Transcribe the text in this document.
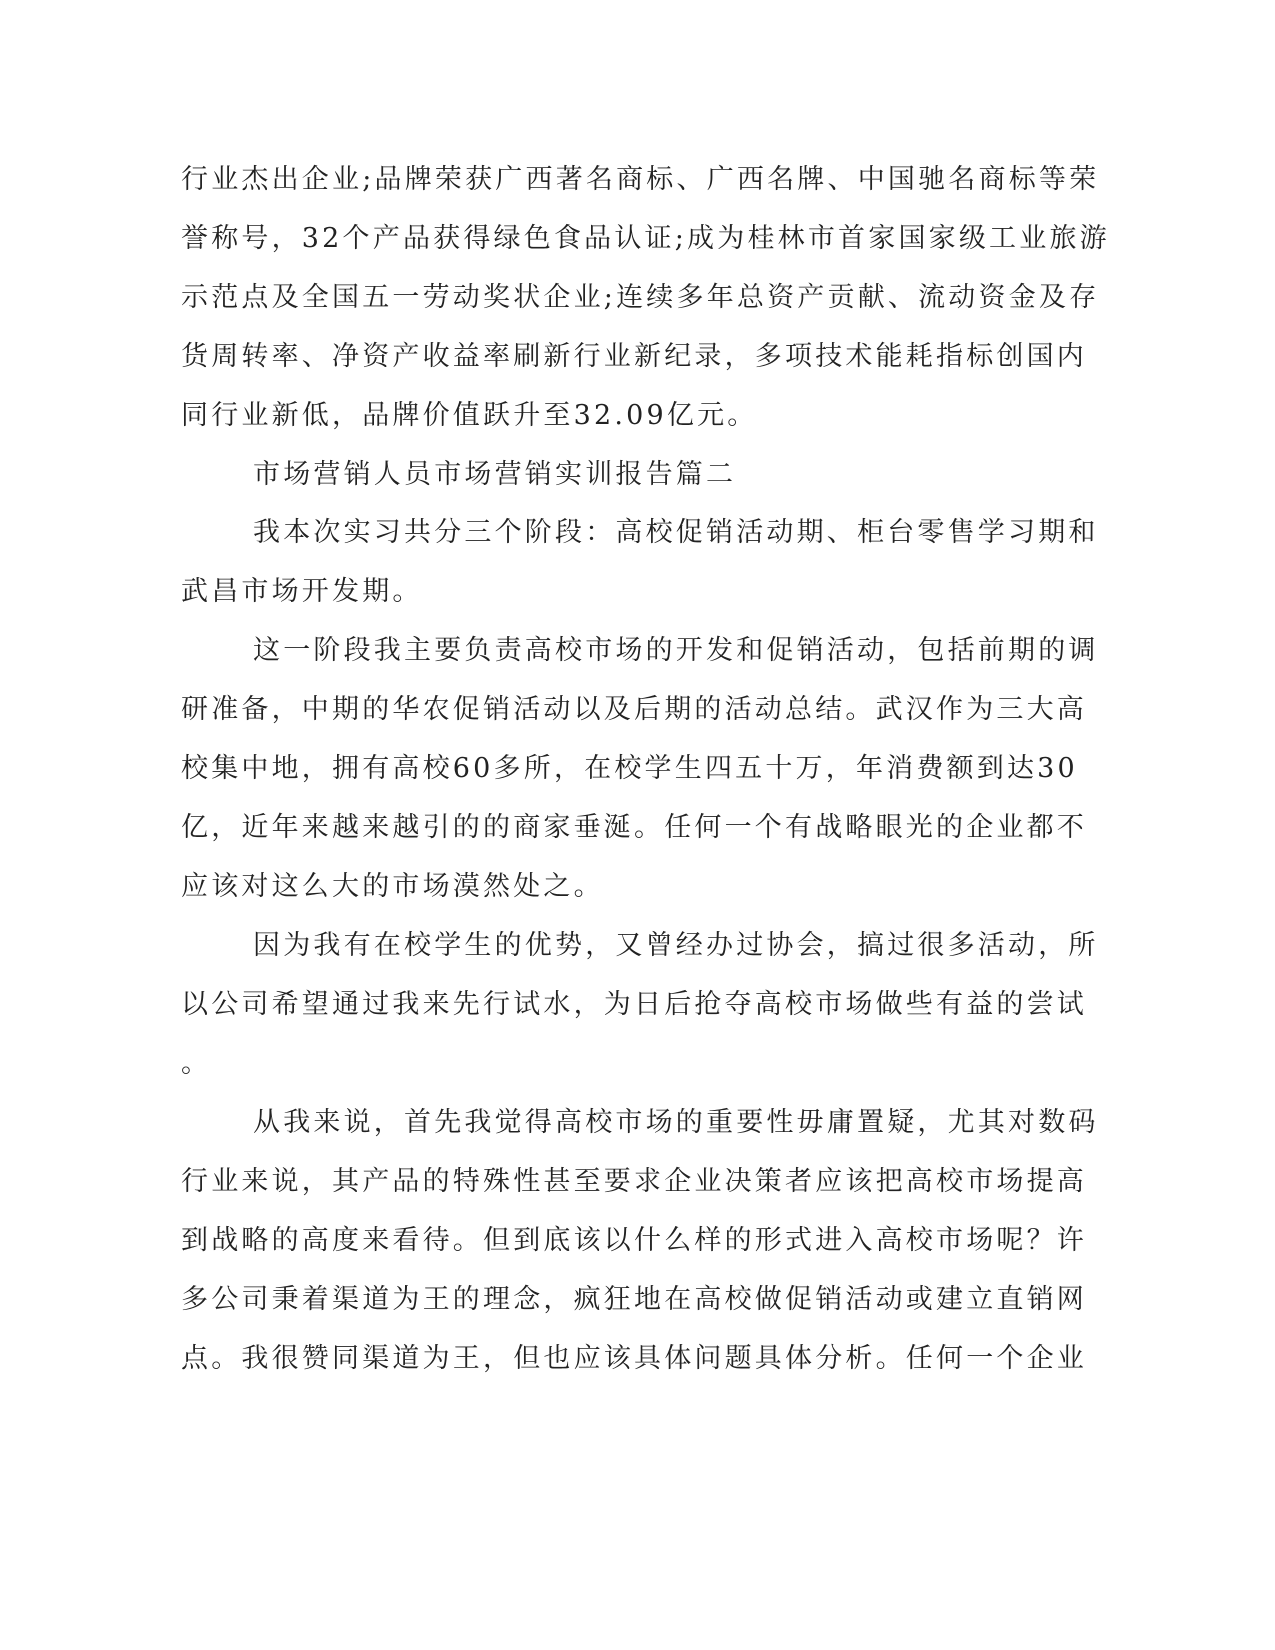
行业杰出企业;品牌荣获广西著名商标、广西名牌、中国驰名商标等荣
誉称号，32个产品获得绿色食品认证;成为桂林市首家国家级工业旅游
示范点及全国五一劳动奖状企业;连续多年总资产贡献、流动资金及存
货周转率、净资产收益率刷新行业新纪录，多项技术能耗指标创国内
同行业新低，品牌价值跃升至32.09亿元。
市场营销人员市场营销实训报告篇二
我本次实习共分三个阶段：高校促销活动期、柜台零售学习期和
武昌市场开发期。
这一阶段我主要负责高校市场的开发和促销活动，包括前期的调
研准备，中期的华农促销活动以及后期的活动总结。武汉作为三大高
校集中地，拥有高校60多所，在校学生四五十万，年消费额到达30
亿，近年来越来越引的的商家垂涎。任何一个有战略眼光的企业都不
应该对这么大的市场漠然处之。
因为我有在校学生的优势，又曾经办过协会，搞过很多活动，所
以公司希望通过我来先行试水，为日后抢夺高校市场做些有益的尝试
。
从我来说，首先我觉得高校市场的重要性毋庸置疑，尤其对数码
行业来说，其产品的特殊性甚至要求企业决策者应该把高校市场提高
到战略的高度来看待。但到底该以什么样的形式进入高校市场呢？许
多公司秉着渠道为王的理念，疯狂地在高校做促销活动或建立直销网
点。我很赞同渠道为王，但也应该具体问题具体分析。任何一个企业
